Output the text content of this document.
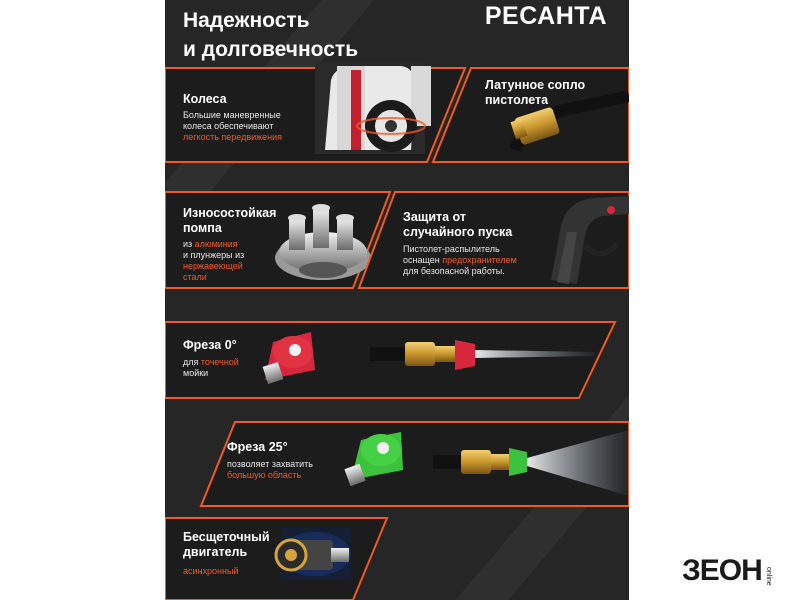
Надежность
и долговечность
РЕСАНТА
Колеса
Большие маневренные
колеса обеспечивают
легкость передвижения
Латунное сопло
пистолета
Износостойкая
помпа
из алюминия
и плунжеры из
нержавеющей
стали
Защита от
случайного пуска
Пистолет-распылитель
оснащен предохранителем
для безопасной работы.
Фреза 0°
для точечной
мойки
Фреза 25°
позволяет захватить
большую область
Бесщеточный
двигатель
асинхронный	ЗЕОН online
